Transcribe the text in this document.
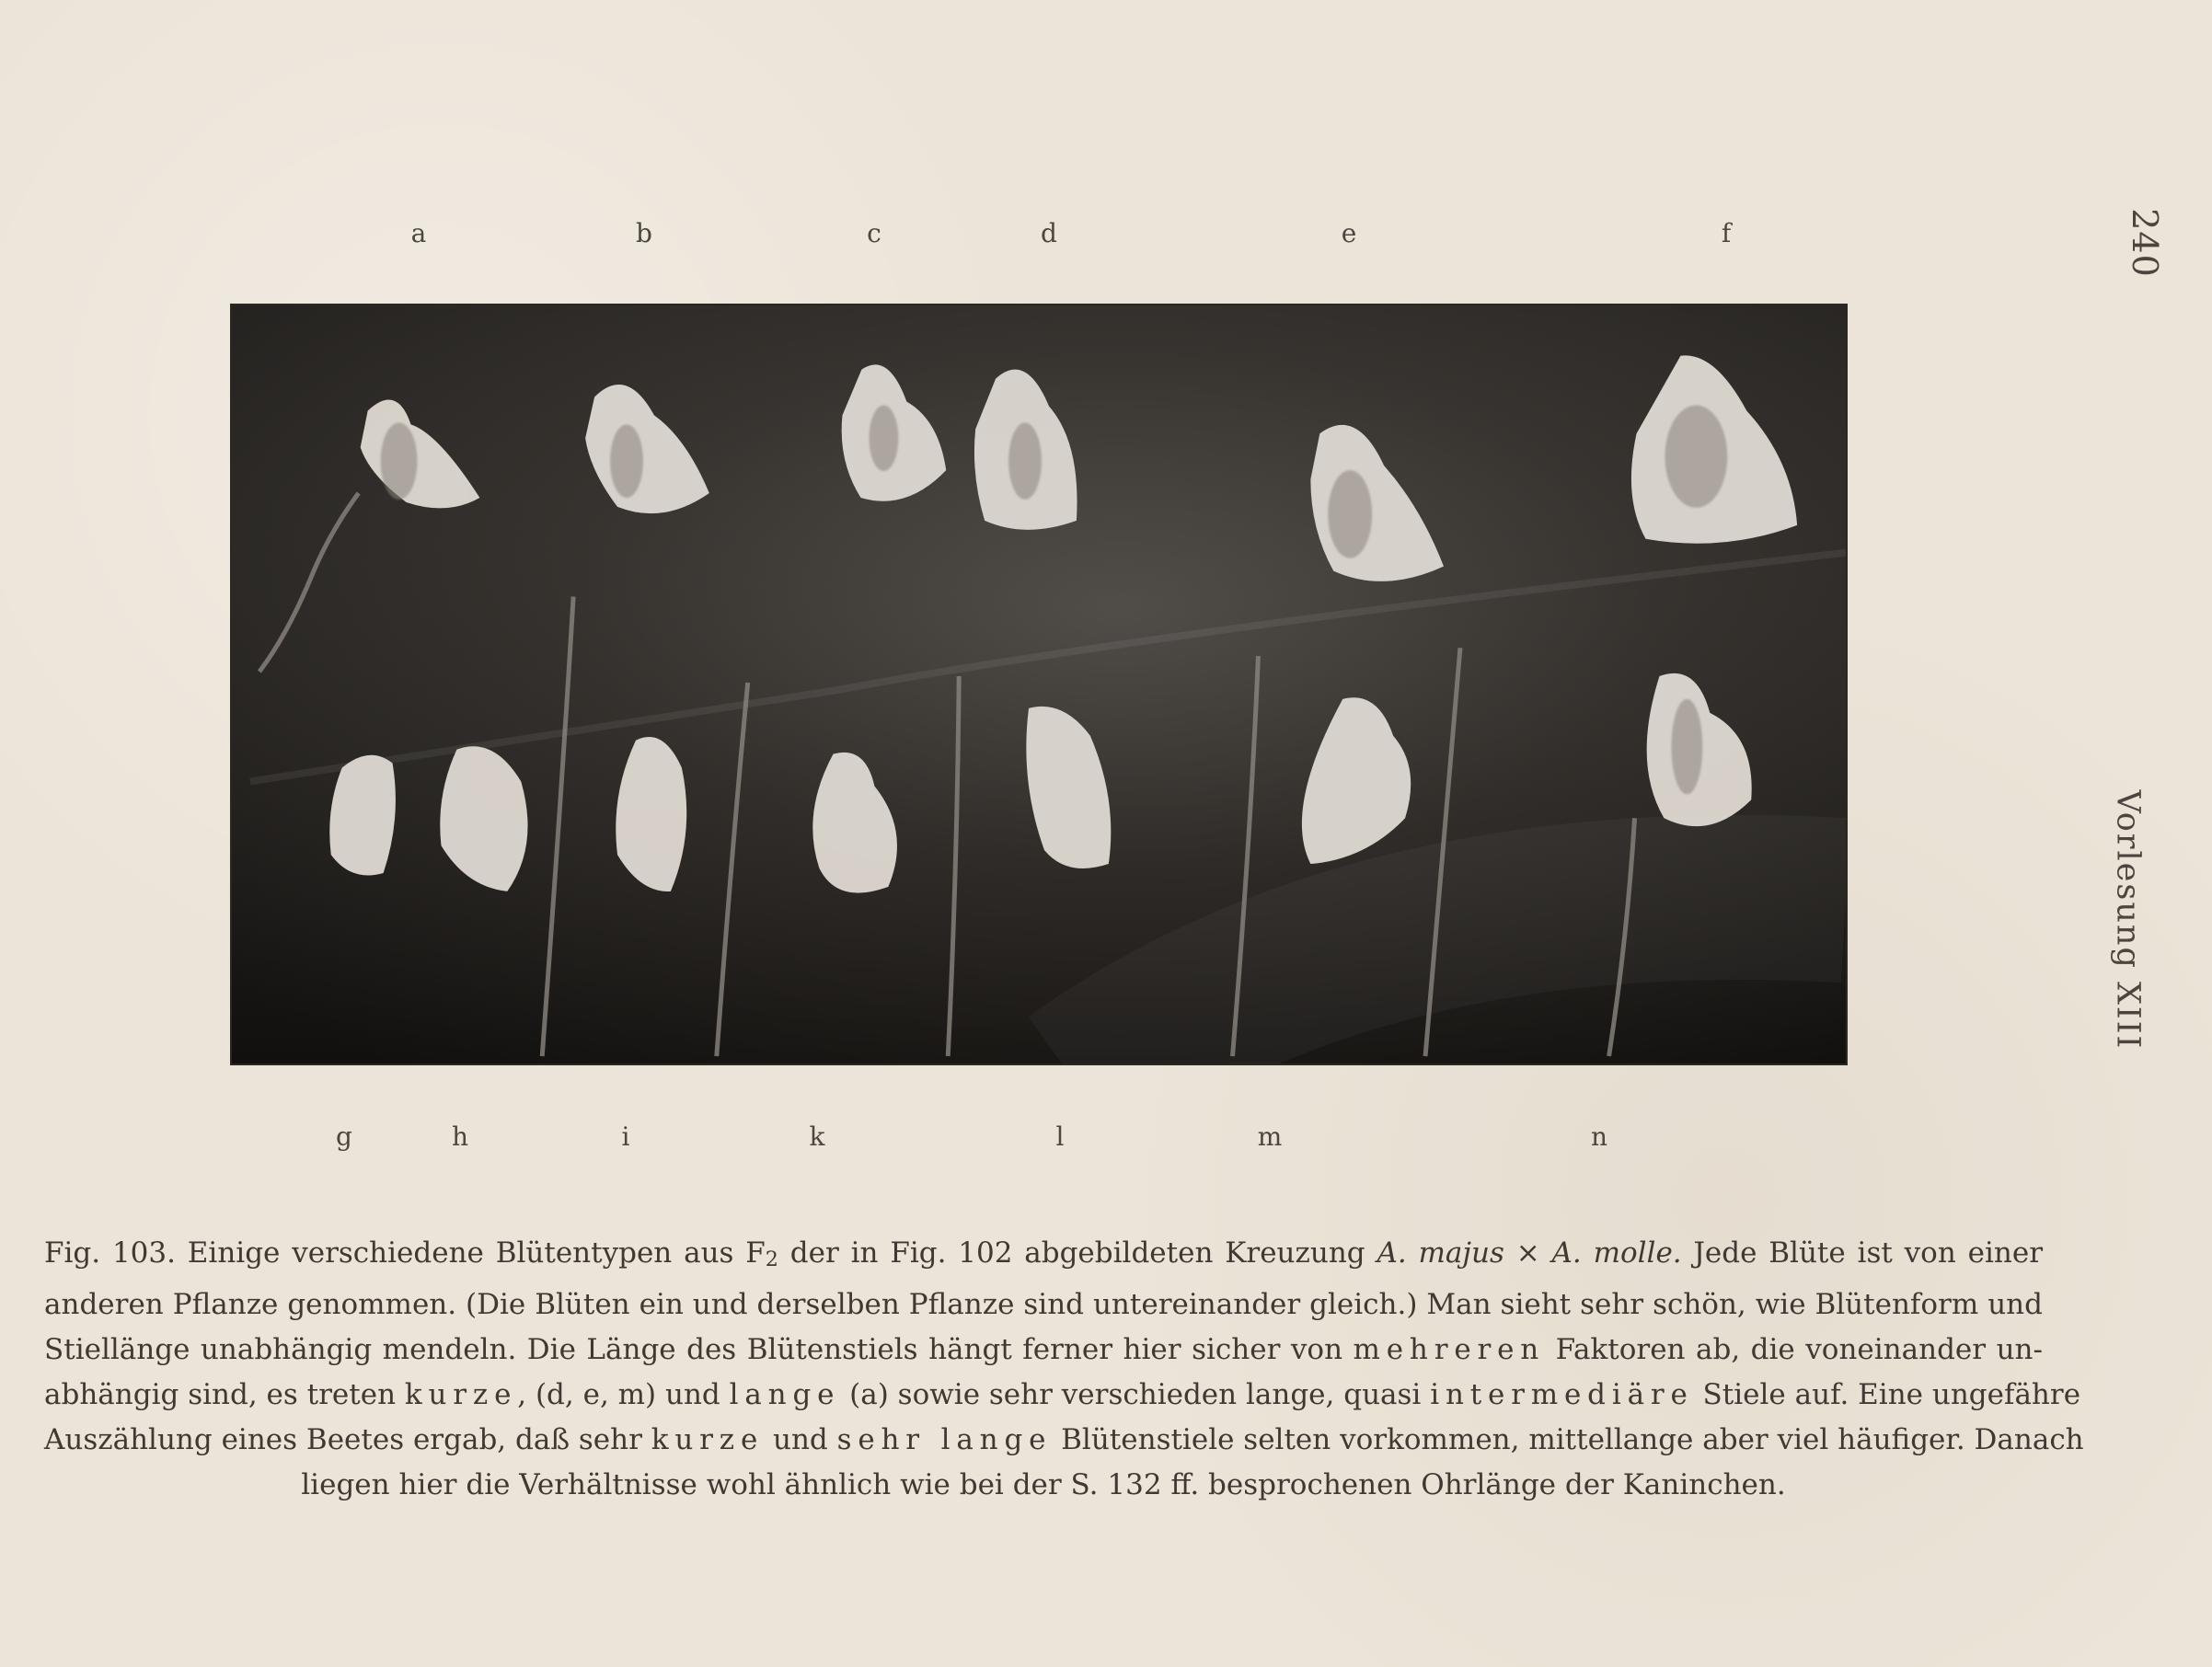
a	b	c	d	e	f
g	h	i	k	l	m	n
240
Vorlesung XIII
Fig. 103. Einige verschiedene Blütentypen aus F2 der in Fig. 102 abgebildeten Kreuzung A. majus × A. molle. Jede Blüte ist von einer
anderen Pflanze genommen. (Die Blüten ein und derselben Pflanze sind untereinander gleich.) Man sieht sehr schön, wie Blütenform und
Stiellänge unabhängig mendeln. Die Länge des Blütenstiels hängt ferner hier sicher von mehreren Faktoren ab, die voneinander un-
abhängig sind, es treten kurze, (d, e, m) und lange (a) sowie sehr verschieden lange, quasi intermediäre Stiele auf. Eine ungefähre
Auszählung eines Beetes ergab, daß sehr kurze und sehr lange Blütenstiele selten vorkommen, mittellange aber viel häufiger. Danach
liegen hier die Verhältnisse wohl ähnlich wie bei der S. 132 ff. besprochenen Ohrlänge der Kaninchen.
